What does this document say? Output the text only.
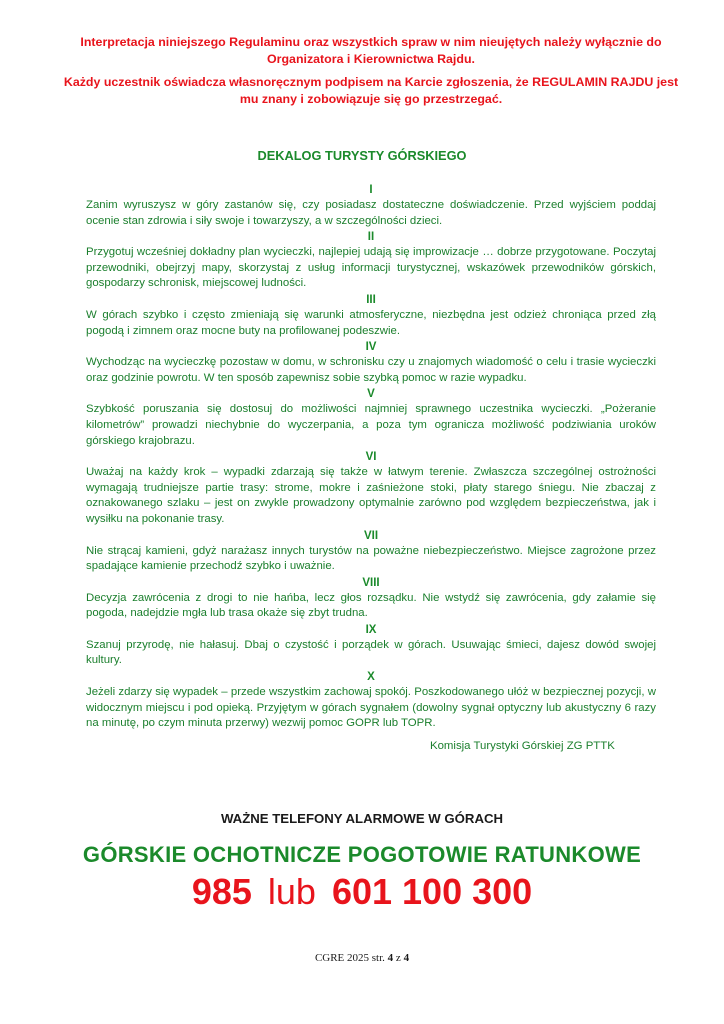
Interpretacja niniejszego Regulaminu oraz wszystkich spraw w nim nieujętych należy wyłącznie do Organizatora i Kierownictwa Rajdu.

Każdy uczestnik oświadcza własnoręcznym podpisem na Karcie zgłoszenia, że REGULAMIN RAJDU jest mu znany i zobowiązuje się go przestrzegać.

DEKALOG TURYSTY GÓRSKIEGO
I

Zanim wyruszysz w góry zastanów się, czy posiadasz dostateczne doświadczenie. Przed wyjściem poddaj ocenie stan zdrowia i siły swoje i towarzyszy, a w szczególności dzieci.

II

Przygotuj wcześniej dokładny plan wycieczki, najlepiej udają się improwizacje … dobrze przygotowane. Poczytaj przewodniki, obejrzyj mapy, skorzystaj z usług informacji turystycznej, wskazówek przewodników górskich, gospodarzy schronisk, miejscowej ludności.

III

W górach szybko i często zmieniają się warunki atmosferyczne, niezbędna jest odzież chroniąca przed złą pogodą i zimnem oraz mocne buty na profilowanej podeszwie.

IV

Wychodząc na wycieczkę pozostaw w domu, w schronisku czy u znajomych wiadomość o celu i trasie wycieczki oraz godzinie powrotu. W ten sposób zapewnisz sobie szybką pomoc w razie wypadku.

V

Szybkość poruszania się dostosuj do możliwości najmniej sprawnego uczestnika wycieczki. „Pożeranie kilometrów” prowadzi niechybnie do wyczerpania, a poza tym ogranicza możliwość podziwiania uroków górskiego krajobrazu.

VI

Uważaj na każdy krok – wypadki zdarzają się także w łatwym terenie. Zwłaszcza szczególnej ostrożności wymagają trudniejsze partie trasy: strome, mokre i zaśnieżone stoki, płaty starego śniegu. Nie zbaczaj z oznakowanego szlaku – jest on zwykle prowadzony optymalnie zarówno pod względem bezpieczeństwa, jak i wysiłku na pokonanie trasy.

VII

Nie strącaj kamieni, gdyż narażasz innych turystów na poważne niebezpieczeństwo. Miejsce zagrożone przez spadające kamienie przechodź szybko i uważnie.

VIII

Decyzja zawrócenia z drogi to nie hańba, lecz głos rozsądku. Nie wstydź się zawrócenia, gdy załamie się pogoda, nadejdzie mgła lub trasa okaże się zbyt trudna.

IX

Szanuj przyrodę, nie hałasuj. Dbaj o czystość i porządek w górach. Usuwając śmieci, dajesz dowód swojej kultury.

X

Jeżeli zdarzy się wypadek – przede wszystkim zachowaj spokój. Poszkodowanego ułóż w bezpiecznej pozycji, w widocznym miejscu i pod opieką. Przyjętym w górach sygnałem (dowolny sygnał optyczny lub akustyczny 6 razy na minutę, po czym minuta przerwy) wezwij pomoc GOPR lub TOPR.

Komisja Turystyki Górskiej ZG PTTK
WAŻNE TELEFONY ALARMOWE W GÓRACH
GÓRSKIE OCHOTNICZE POGOTOWIE RATUNKOWE
985 lub 601 100 300
CGRE 2025 str. 4 z 4
